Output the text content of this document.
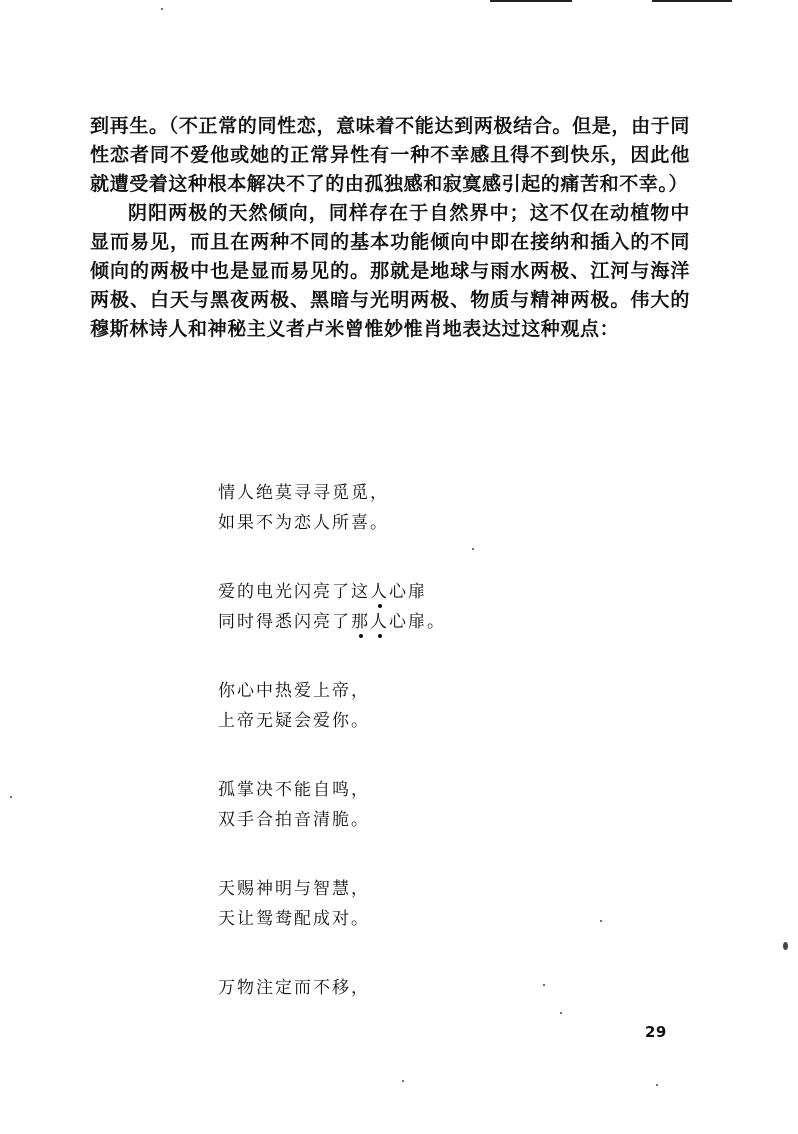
到再生。（不正常的同性恋，意味着不能达到两极结合。但是，由于同性恋者同不爱他或她的正常异性有一种不幸感且得不到快乐，因此他就遭受着这种根本解决不了的由孤独感和寂寞感引起的痛苦和不幸。）

阴阳两极的天然倾向，同样存在于自然界中；这不仅在动植物中显而易见，而且在两种不同的基本功能倾向中即在接纳和插入的不同倾向的两极中也是显而易见的。那就是地球与雨水两极、江河与海洋两极、白天与黑夜两极、黑暗与光明两极、物质与精神两极。伟大的穆斯林诗人和神秘主义者卢米曾惟妙惟肖地表达过这种观点：

情人绝莫寻寻觅觅，
如果不为恋人所喜。
爱的电光闪亮了这人心扉
同时得悉闪亮了那人心扉。
你心中热爱上帝，
上帝无疑会爱你。
孤掌决不能自鸣，
双手合拍音清脆。
天赐神明与智慧，
天让鸳鸯配成对。
万物注定而不移，
29
